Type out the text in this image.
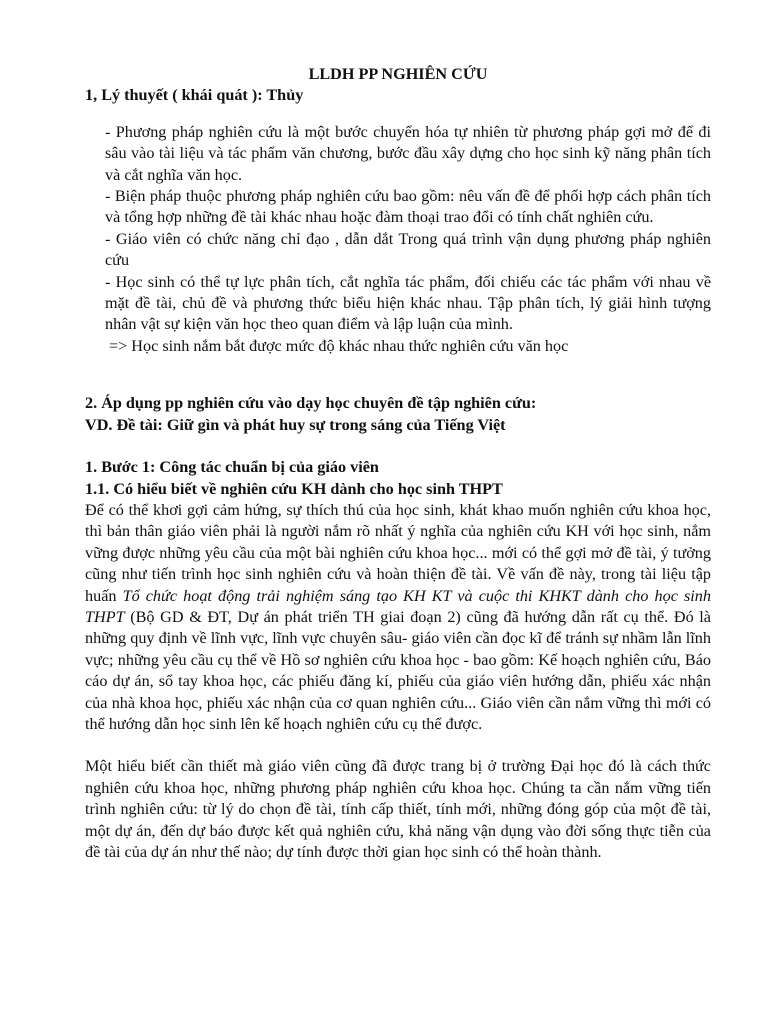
LLDH PP NGHIÊN CỨU

1, Lý thuyết ( khái quát ): Thủy

- Phương pháp nghiên cứu là một bước chuyển hóa tự nhiên từ phương pháp gợi mở để đi sâu vào tài liệu và tác phẩm văn chương, bước đầu xây dựng cho học sinh kỹ năng phân tích và cắt nghĩa văn học.

- Biện pháp thuộc phương pháp nghiên cứu bao gồm: nêu vấn đề để phối hợp cách phân tích và tổng hợp những đề tài khác nhau hoặc đàm thoại trao đổi có tính chất nghiên cứu.

- Giáo viên có chức năng chỉ đạo , dẫn dắt Trong quá trình vận dụng phương pháp nghiên cứu

- Học sinh có thể tự lực phân tích, cắt nghĩa tác phẩm, đối chiếu các tác phẩm với nhau về mặt đề tài, chủ đề và phương thức biểu hiện khác nhau. Tập phân tích, lý giải hình tượng nhân vật sự kiện văn học theo quan điểm và lập luận của mình.

=> Học sinh nắm bắt được mức độ khác nhau thức nghiên cứu văn học

2. Áp dụng pp nghiên cứu vào dạy học chuyên đề tập nghiên cứu:

VD. Đề tài: Giữ gìn và phát huy sự trong sáng của Tiếng Việt

1. Bước 1: Công tác chuẩn bị của giáo viên

1.1. Có hiểu biết về nghiên cứu KH dành cho học sinh THPT

Để có thể khơi gợi cảm hứng, sự thích thú của học sinh, khát khao muốn nghiên cứu khoa học, thì bản thân giáo viên phải là người nắm rõ nhất ý nghĩa của nghiên cứu KH với học sinh, nắm vững được những yêu cầu của một bài nghiên cứu khoa học... mới có thể gợi mở đề tài, ý tưởng cũng như tiến trình học sinh nghiên cứu và hoàn thiện đề tài. Về vấn đề này, trong tài liệu tập huấn Tổ chức hoạt động trải nghiệm sáng tạo KH KT và cuộc thi KHKT dành cho học sinh THPT (Bộ GD & ĐT, Dự án phát triển TH giai đoạn 2) cũng đã hướng dẫn rất cụ thể. Đó là những quy định về lĩnh vực, lĩnh vực chuyên sâu- giáo viên cần đọc kĩ để tránh sự nhầm lẫn lĩnh vực; những yêu cầu cụ thể về Hồ sơ nghiên cứu khoa học - bao gồm: Kế hoạch nghiên cứu, Báo cáo dự án, sổ tay khoa học, các phiếu đăng kí, phiếu của giáo viên hướng dẫn, phiếu xác nhận của nhà khoa học, phiếu xác nhận của cơ quan nghiên cứu... Giáo viên cần nắm vững thì mới có thể hướng dẫn học sinh lên kế hoạch nghiên cứu cụ thể được.

Một hiểu biết cần thiết mà giáo viên cũng đã được trang bị ở trường Đại học đó là cách thức nghiên cứu khoa học, những phương pháp nghiên cứu khoa học. Chúng ta cần nắm vững tiến trình nghiên cứu: từ lý do chọn đề tài, tính cấp thiết, tính mới, những đóng góp của một đề tài, một dự án, đến dự báo được kết quả nghiên cứu, khả năng vận dụng vào đời sống thực tiễn của đề tài của dự án như thế nào; dự tính được thời gian học sinh có thể hoàn thành.
